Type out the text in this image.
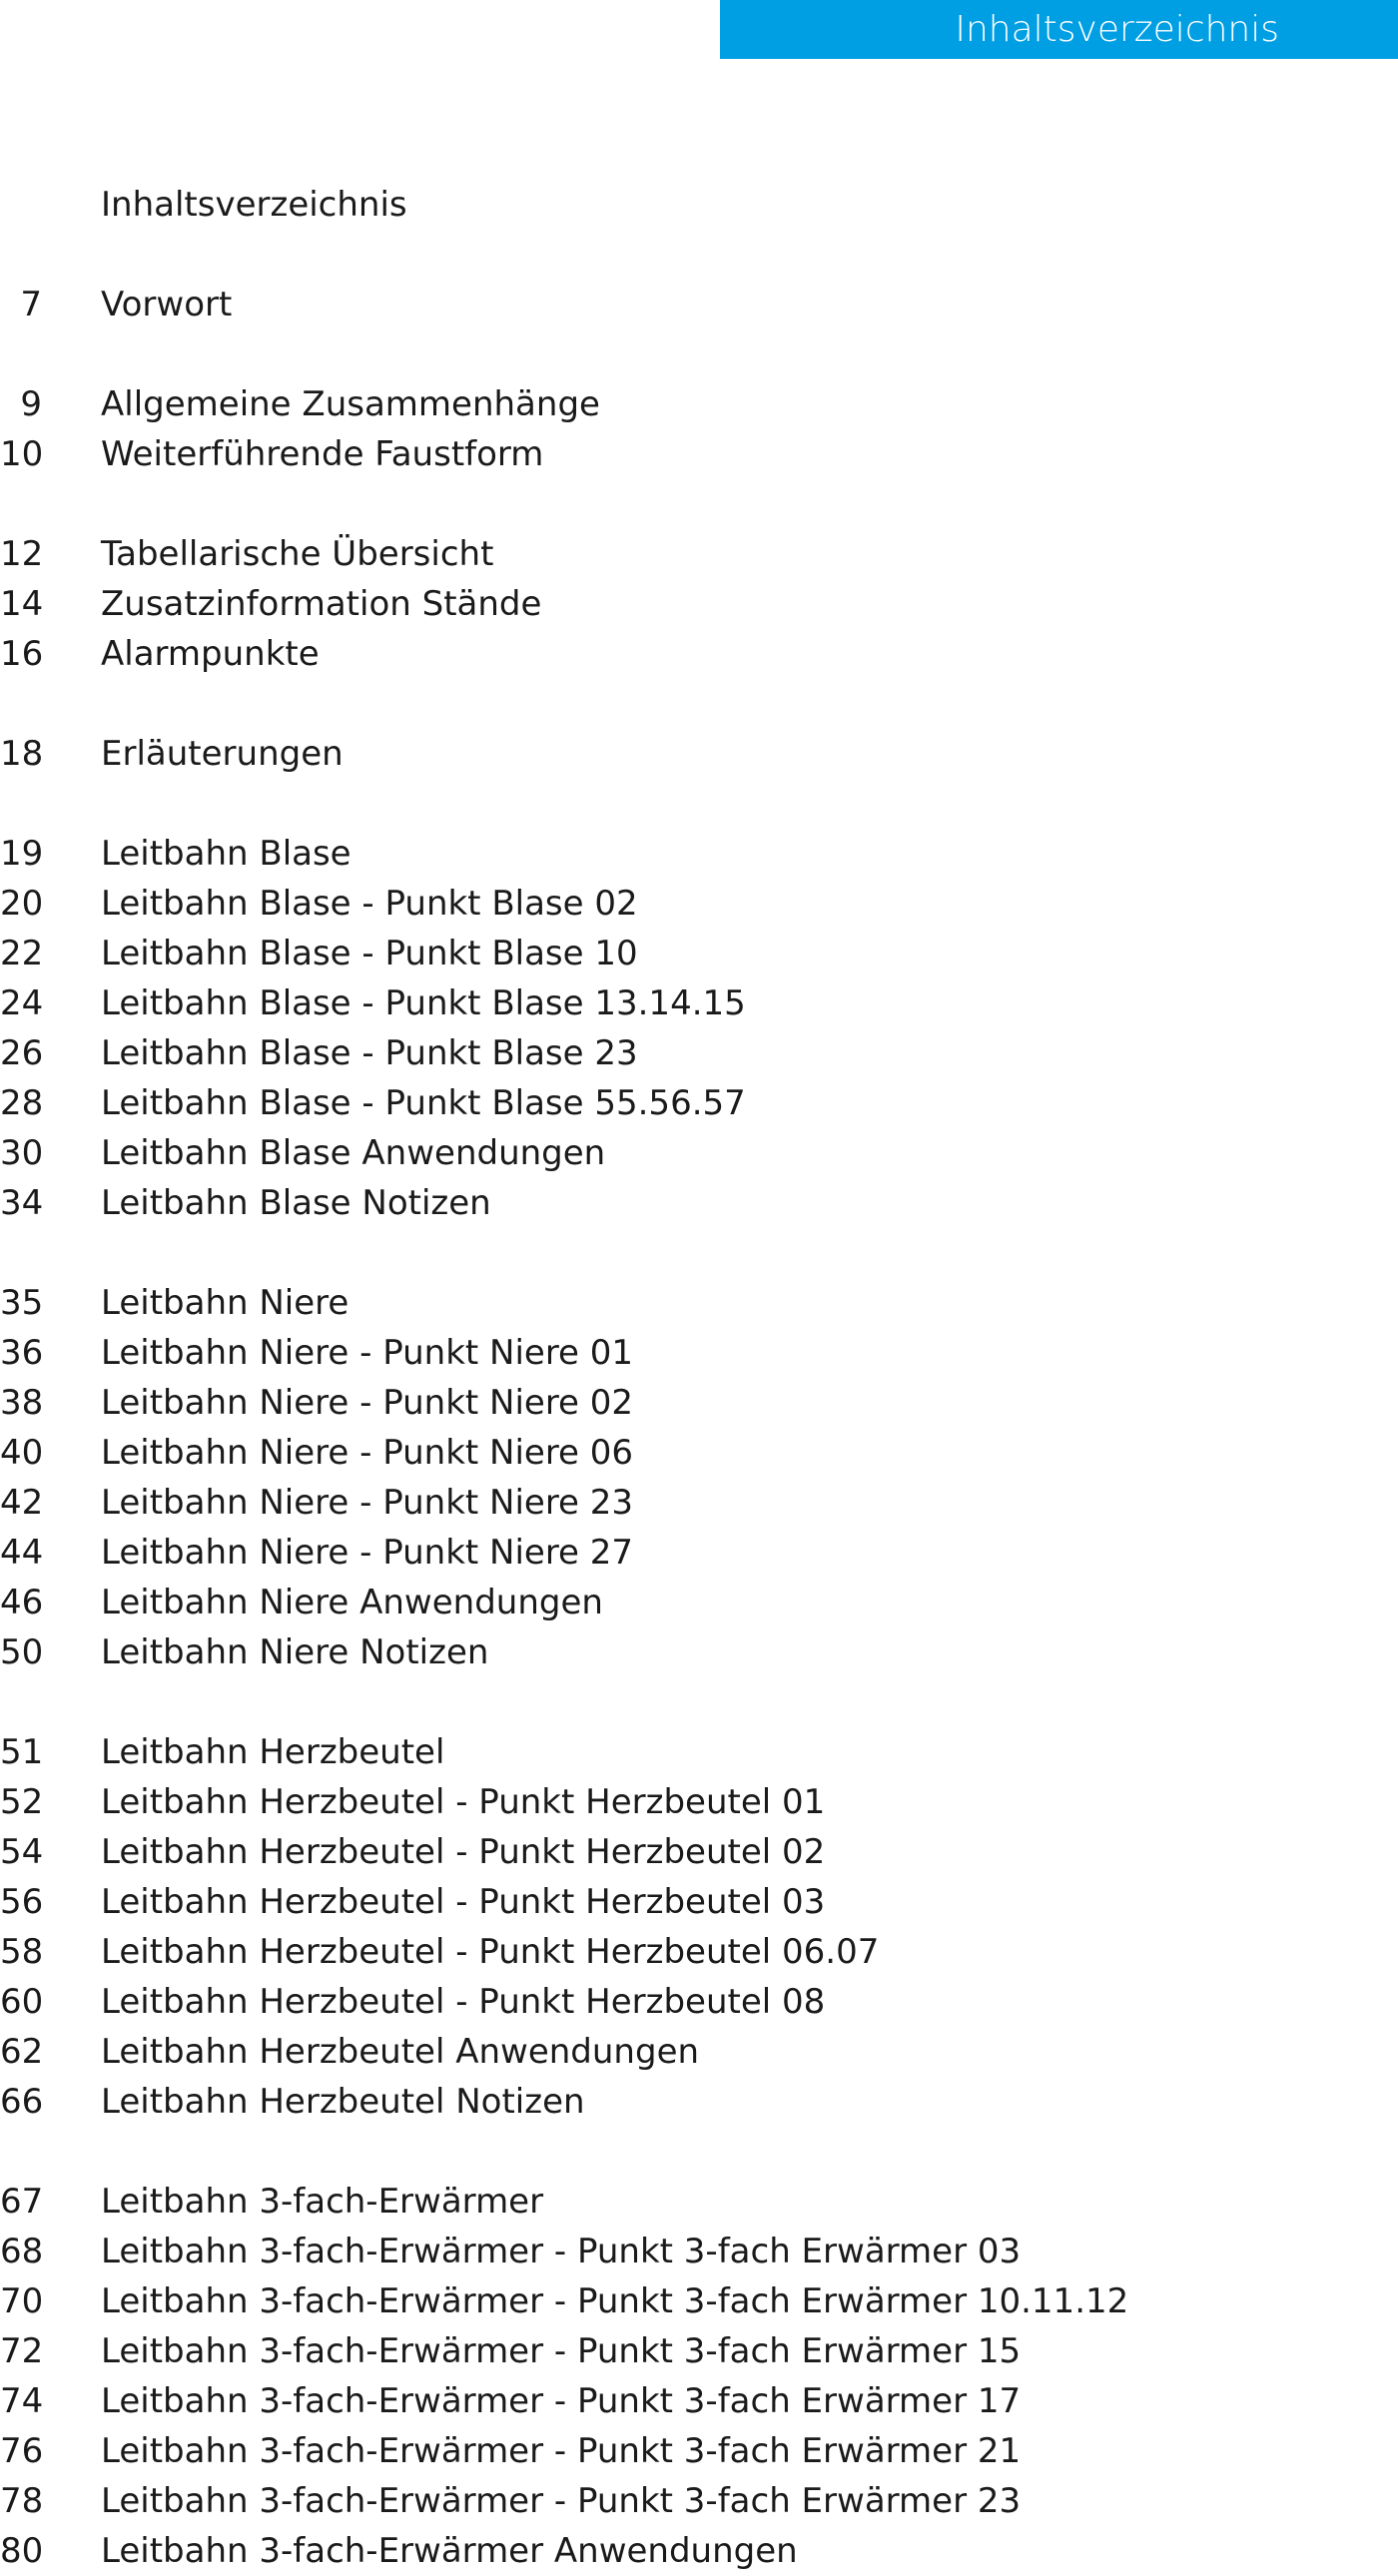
Inhaltsverzeichnis
Inhaltsverzeichnis
7 Vorwort
9 Allgemeine Zusammenhänge
10 Weiterführende Faustform
12 Tabellarische Übersicht
14 Zusatzinformation Stände
16 Alarmpunkte
18 Erläuterungen
19 Leitbahn Blase
20 Leitbahn Blase - Punkt Blase 02
22 Leitbahn Blase - Punkt Blase 10
24 Leitbahn Blase - Punkt Blase 13.14.15
26 Leitbahn Blase - Punkt Blase 23
28 Leitbahn Blase - Punkt Blase 55.56.57
30 Leitbahn Blase Anwendungen
34 Leitbahn Blase Notizen
35 Leitbahn Niere
36 Leitbahn Niere - Punkt Niere 01
38 Leitbahn Niere - Punkt Niere 02
40 Leitbahn Niere - Punkt Niere 06
42 Leitbahn Niere - Punkt Niere 23
44 Leitbahn Niere - Punkt Niere 27
46 Leitbahn Niere Anwendungen
50 Leitbahn Niere Notizen
51 Leitbahn Herzbeutel
52 Leitbahn Herzbeutel - Punkt Herzbeutel 01
54 Leitbahn Herzbeutel - Punkt Herzbeutel 02
56 Leitbahn Herzbeutel - Punkt Herzbeutel 03
58 Leitbahn Herzbeutel - Punkt Herzbeutel 06.07
60 Leitbahn Herzbeutel - Punkt Herzbeutel 08
62 Leitbahn Herzbeutel Anwendungen
66 Leitbahn Herzbeutel Notizen
67 Leitbahn 3-fach-Erwärmer
68 Leitbahn 3-fach-Erwärmer - Punkt 3-fach Erwärmer 03
70 Leitbahn 3-fach-Erwärmer - Punkt 3-fach Erwärmer 10.11.12
72 Leitbahn 3-fach-Erwärmer - Punkt 3-fach Erwärmer 15
74 Leitbahn 3-fach-Erwärmer - Punkt 3-fach Erwärmer 17
76 Leitbahn 3-fach-Erwärmer - Punkt 3-fach Erwärmer 21
78 Leitbahn 3-fach-Erwärmer - Punkt 3-fach Erwärmer 23
80 Leitbahn 3-fach-Erwärmer Anwendungen
